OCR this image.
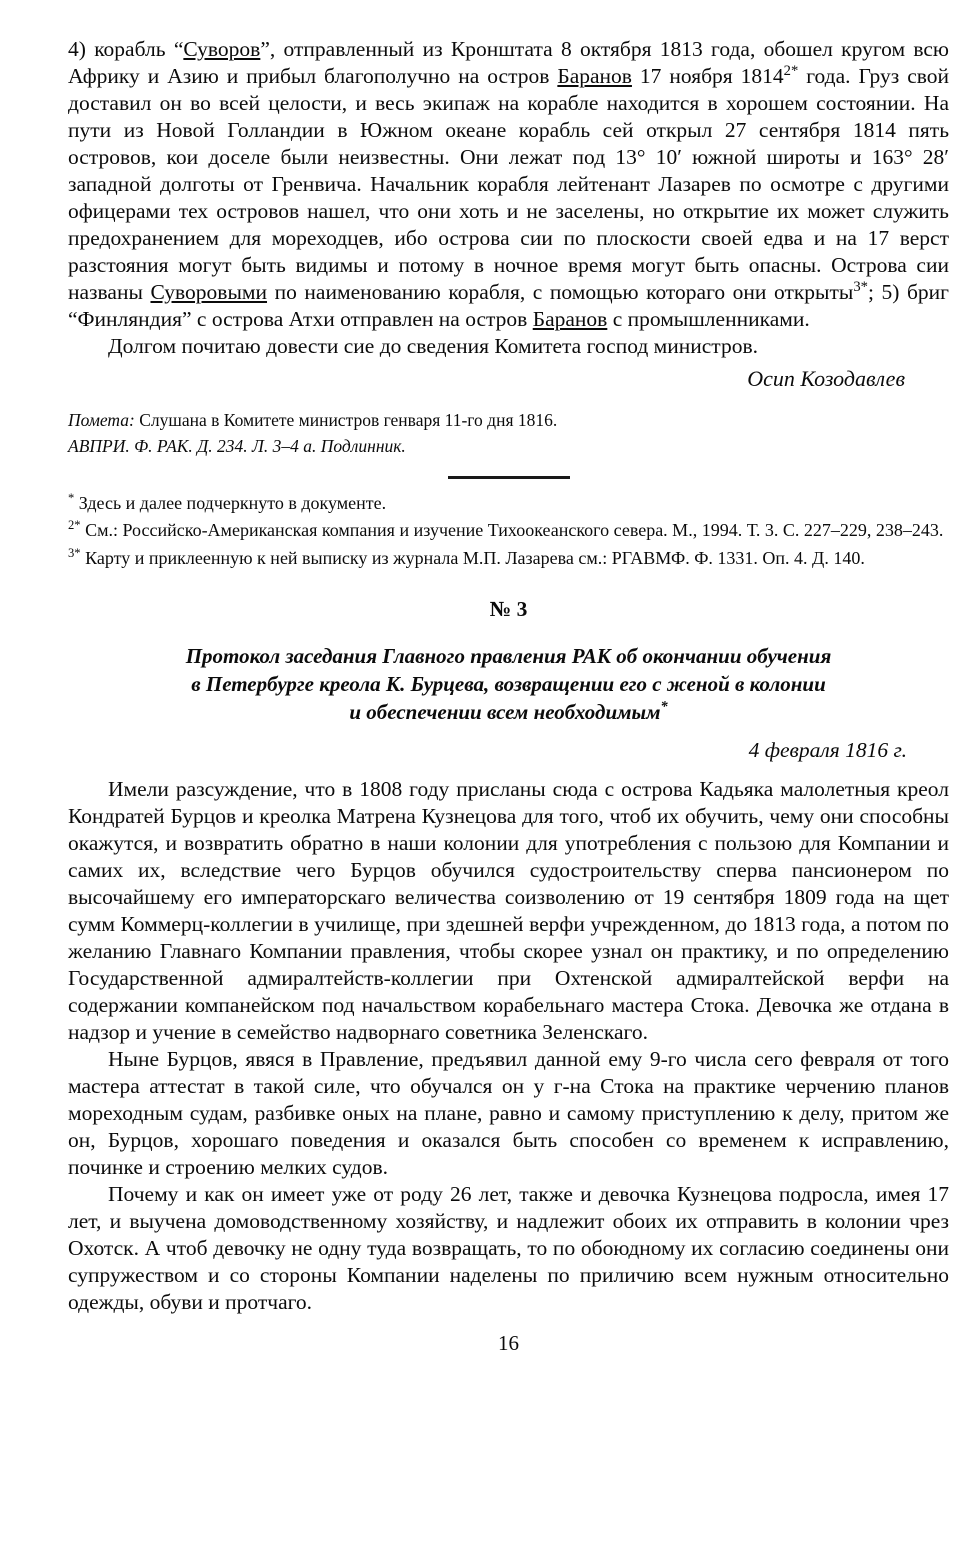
4) корабль “Суворов”, отправленный из Кронштата 8 октября 1813 года, обошел кругом всю Африку и Азию и прибыл благополучно на остров Баранов 17 ноября $1814^{2*}$ года. Груз свой доставил он во всей целости, и весь экипаж на корабле находится в хорошем состоянии. На пути из Новой Голландии в Южном океане корабль сей открыл 27 сентября 1814 пять островов, кои доселе были неизвестны. Они лежат под 13° 10′ южной широты и 163° 28′ западной долготы от Гренвича. Начальник корабля лейтенант Лазарев по осмотре с другими офицерами тех островов нашел, что они хоть и не заселены, но открытие их может служить предохранением для мореходцев, ибо острова сии по плоскости своей едва и на 17 верст разстояния могут быть видимы и потому в ночное время могут быть опасны. Острова сии названы Суворовыми по наименованию корабля, с помощью котораго они открыты$^{3*}$; 5) бриг “Финляндия” с острова Атхи отправлен на остров Баранов с промышленниками.

Долгом почитаю довести сие до сведения Комитета господ министров.

Осип Козодавлев

Помета: Слушана в Комитете министров генваря 11-го дня 1816.

АВПРИ. Ф. РАК. Д. 234. Л. 3–4 а. Подлинник.

* Здесь и далее подчеркнуто в документе.

$^{2*}$ См.: Российско-Американская компания и изучение Тихоокеанского севера. М., 1994. Т. 3. С. 227–229, 238–243.

$^{3*}$ Карту и приклеенную к ней выписку из журнала М.П. Лазарева см.: РГАВМФ. Ф. 1331. Оп. 4. Д. 140.

№ 3

Протокол заседания Главного правления РАК об окончании обучения

в Петербурге креола К. Бурцева, возвращении его с женой в колонии

и обеспечении всем необходимым*

4 февраля 1816 г.

Имели разсуждение, что в 1808 году присланы сюда с острова Кадьяка малолетныя креол Кондратей Бурцов и креолка Матрена Кузнецова для того, чтоб их обучить, чему они способны окажутся, и возвратить обратно в наши колонии для употребления с пользою для Компании и самих их, вследствие чего Бурцов обучился судостроительству сперва пансионером по высочайшему его императорскаго величества соизволению от 19 сентября 1809 года на щет сумм Коммерц-коллегии в училище, при здешней верфи учрежденном, до 1813 года, а потом по желанию Главнаго Компании правления, чтобы скорее узнал он практику, и по определению Государственной адмиралтейств-коллегии при Охтенской адмиралтейской верфи на содержании компанейском под начальством корабельнаго мастера Стока. Девочка же отдана в надзор и учение в семейство надворнаго советника Зеленскаго.

Ныне Бурцов, явяся в Правление, предъявил данной ему 9-го числа сего февраля от того мастера аттестат в такой силе, что обучался он у г-на Стока на практике черчению планов мореходным судам, разбивке оных на плане, равно и самому приступлению к делу, притом же он, Бурцов, хорошаго поведения и оказался быть способен со временем к исправлению, починке и строению мелких судов.

Почему и как он имеет уже от роду 26 лет, также и девочка Кузнецова подросла, имея 17 лет, и выучена домоводственному хозяйству, и надлежит обоих их отправить в колонии чрез Охотск. А чтоб девочку не одну туда возвращать, то по обоюдному их согласию соединены они супружеством и со стороны Компании наделены по приличию всем нужным относительно одежды, обуви и протчаго.

16
